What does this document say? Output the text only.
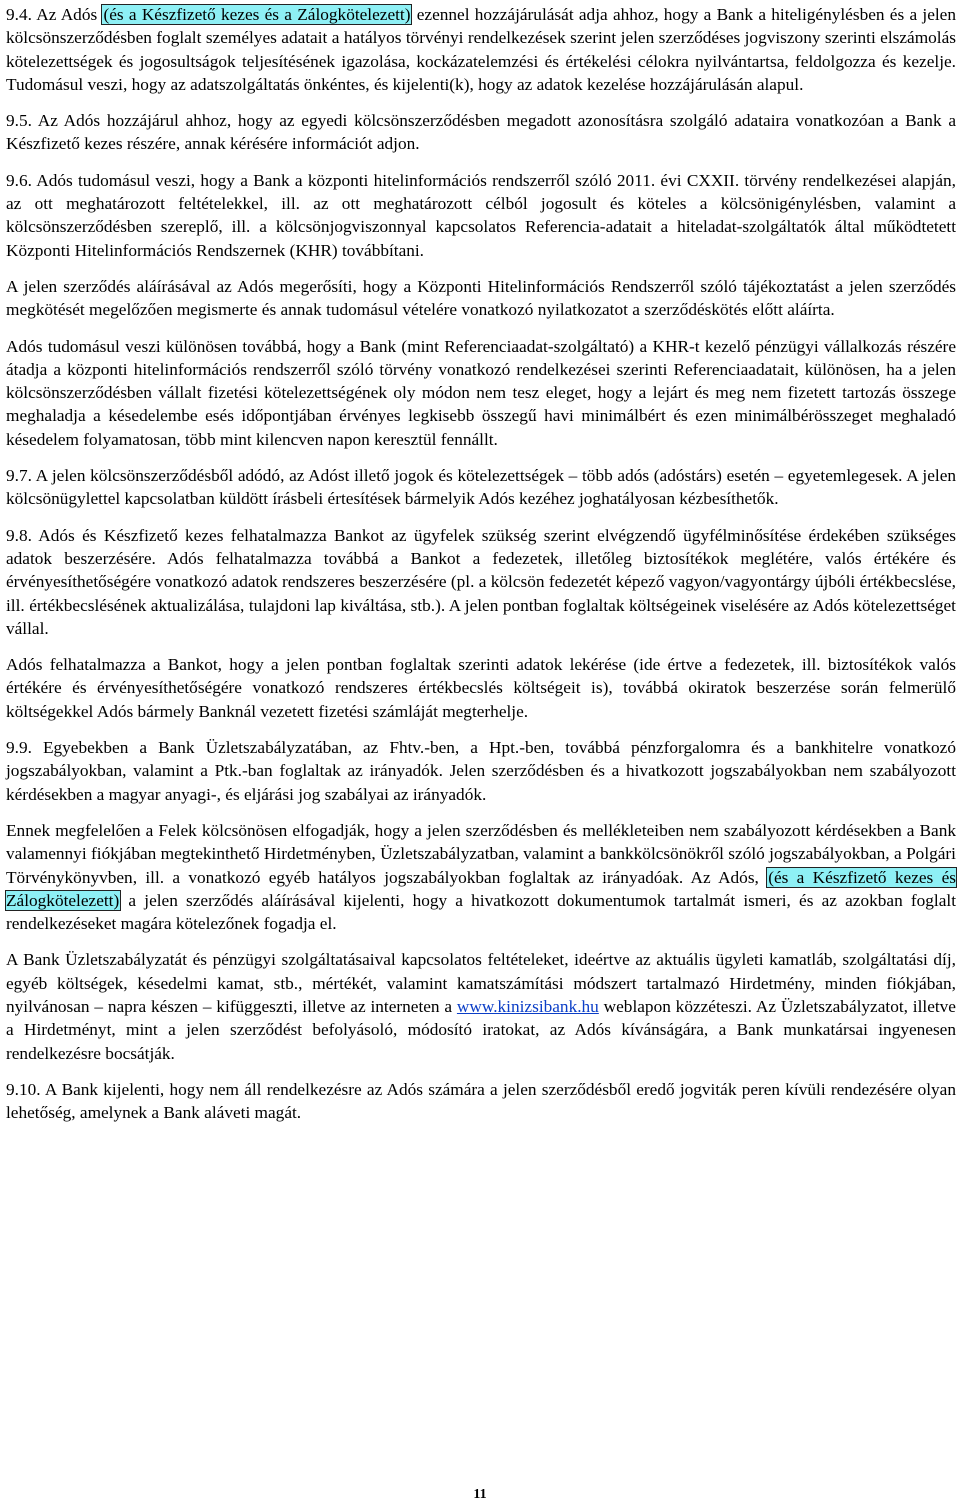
9.4. Az Adós (és a Készfizető kezes és a Zálogkötelezett) ezennel hozzájárulását adja ahhoz, hogy a Bank a hiteligénylésben és a jelen kölcsönszerződésben foglalt személyes adatait a hatályos törvényi rendelkezések szerint jelen szerződéses jogviszony szerinti elszámolás kötelezettségek és jogosultságok teljesítésének igazolása, kockázatelemzési és értékelési célokra nyilvántartsa, feldolgozza és kezelje. Tudomásul veszi, hogy az adatszolgáltatás önkéntes, és kijelenti(k), hogy az adatok kezelése hozzájárulásán alapul.

9.5. Az Adós hozzájárul ahhoz, hogy az egyedi kölcsönszerződésben megadott azonosításra szolgáló adataira vonatkozóan a Bank a Készfizető kezes részére, annak kérésére információt adjon.

9.6. Adós tudomásul veszi, hogy a Bank a központi hitelinformációs rendszerről szóló 2011. évi CXXII. törvény rendelkezései alapján, az ott meghatározott feltételekkel, ill. az ott meghatározott célból jogosult és köteles a kölcsönigénylésben, valamint a kölcsönszerződésben szereplő, ill. a kölcsönjogviszonnyal kapcsolatos Referencia-adatait a hiteladat-szolgáltatók által működtetett Központi Hitelinformációs Rendszernek (KHR) továbbítani.

A jelen szerződés aláírásával az Adós megerősíti, hogy a Központi Hitelinformációs Rendszerről szóló tájékoztatást a jelen szerződés megkötését megelőzően megismerte és annak tudomásul vételére vonatkozó nyilatkozatot a szerződéskötés előtt aláírta.

Adós tudomásul veszi különösen továbbá, hogy a Bank (mint Referenciaadat-szolgáltató) a KHR-t kezelő pénzügyi vállalkozás részére átadja a központi hitelinformációs rendszerről szóló törvény vonatkozó rendelkezései szerinti Referenciaadatait, különösen, ha a jelen kölcsönszerződésben vállalt fizetési kötelezettségének oly módon nem tesz eleget, hogy a lejárt és meg nem fizetett tartozás összege meghaladja a késedelembe esés időpontjában érvényes legkisebb összegű havi minimálbért és ezen minimálbérösszeget meghaladó késedelem folyamatosan, több mint kilencven napon keresztül fennállt.

9.7. A jelen kölcsönszerződésből adódó, az Adóst illető jogok és kötelezettségek – több adós (adóstárs) esetén – egyetemlegesek. A jelen kölcsönügylettel kapcsolatban küldött írásbeli értesítések bármelyik Adós kezéhez joghatályosan kézbesíthetők.

9.8. Adós és Készfizető kezes felhatalmazza Bankot az ügyfelek szükség szerint elvégzendő ügyfélminősítése érdekében szükséges adatok beszerzésére. Adós felhatalmazza továbbá a Bankot a fedezetek, illetőleg biztosítékok meglétére, valós értékére és érvényesíthetőségére vonatkozó adatok rendszeres beszerzésére (pl. a kölcsön fedezetét képező vagyon/vagyontárgy újbóli értékbecslése, ill. értékbecslésének aktualizálása, tulajdoni lap kiváltása, stb.). A jelen pontban foglaltak költségeinek viselésére az Adós kötelezettséget vállal.

Adós felhatalmazza a Bankot, hogy a jelen pontban foglaltak szerinti adatok lekérése (ide értve a fedezetek, ill. biztosítékok valós értékére és érvényesíthetőségére vonatkozó rendszeres értékbecslés költségeit is), továbbá okiratok beszerzése során felmerülő költségekkel Adós bármely Banknál vezetett fizetési számláját megterhelje.

9.9. Egyebekben a Bank Üzletszabályzatában, az Fhtv.-ben, a Hpt.-ben, továbbá pénzforgalomra és a bankhitelre vonatkozó jogszabályokban, valamint a Ptk.-ban foglaltak az irányadók. Jelen szerződésben és a hivatkozott jogszabályokban nem szabályozott kérdésekben a magyar anyagi-, és eljárási jog szabályai az irányadók.

Ennek megfelelően a Felek kölcsönösen elfogadják, hogy a jelen szerződésben és mellékleteiben nem szabályozott kérdésekben a Bank valamennyi fiókjában megtekinthető Hirdetményben, Üzletszabályzatban, valamint a bankkölcsönökről szóló jogszabályokban, a Polgári Törvénykönyvben, ill. a vonatkozó egyéb hatályos jogszabályokban foglaltak az irányadóak. Az Adós, (és a Készfizető kezes és Zálogkötelezett) a jelen szerződés aláírásával kijelenti, hogy a hivatkozott dokumentumok tartalmát ismeri, és az azokban foglalt rendelkezéseket magára kötelezőnek fogadja el.

A Bank Üzletszabályzatát és pénzügyi szolgáltatásaival kapcsolatos feltételeket, ideértve az aktuális ügyleti kamatláb, szolgáltatási díj, egyéb költségek, késedelmi kamat, stb., mértékét, valamint kamatszámítási módszert tartalmazó Hirdetmény, minden fiókjában, nyilvánosan – napra készen – kifüggeszti, illetve az interneten a www.kinizsibank.hu weblapon közzéteszi. Az Üzletszabályzatot, illetve a Hirdetményt, mint a jelen szerződést befolyásoló, módosító iratokat, az Adós kívánságára, a Bank munkatársai ingyenesen rendelkezésre bocsátják.

9.10. A Bank kijelenti, hogy nem áll rendelkezésre az Adós számára a jelen szerződésből eredő jogviták peren kívüli rendezésére olyan lehetőség, amelynek a Bank aláveti magát.

11
